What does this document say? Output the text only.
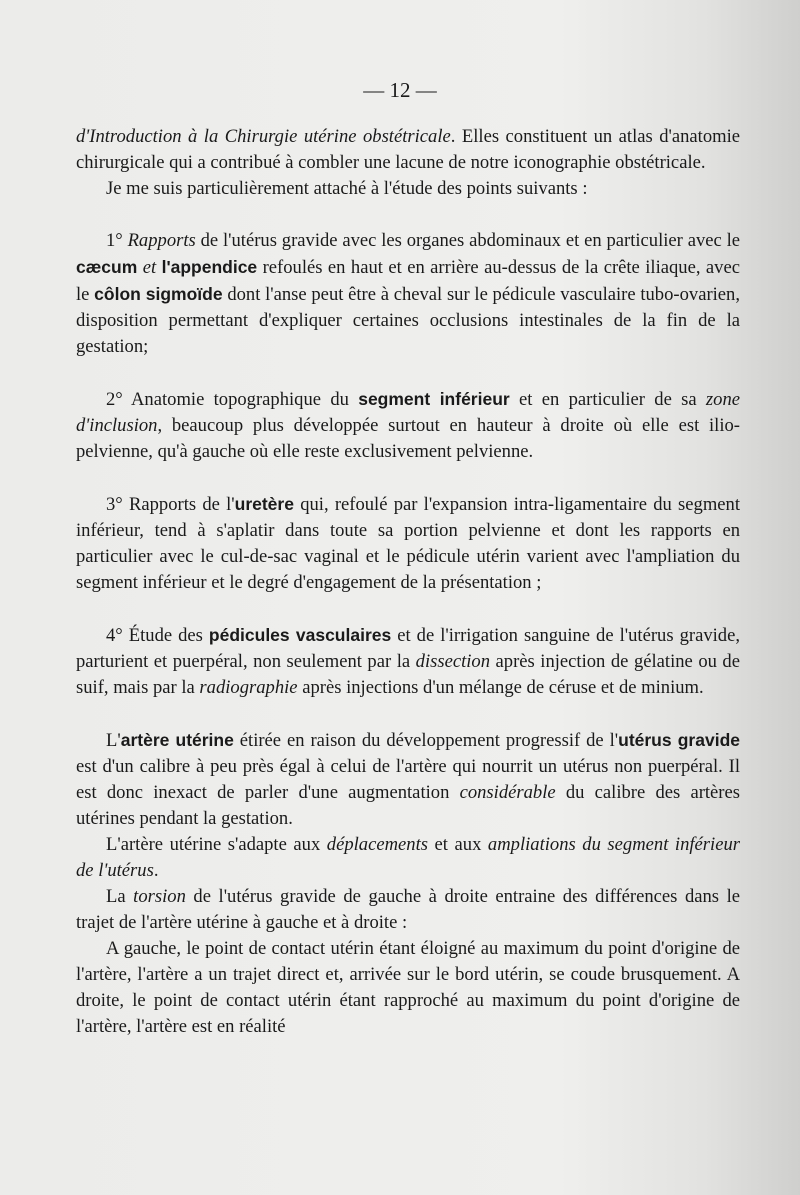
— 12 —

d'Introduction à la Chirurgie utérine obstétricale. Elles constituent un atlas d'anatomie chirurgicale qui a contribué à combler une lacune de notre iconographie obstétricale.

Je me suis particulièrement attaché à l'étude des points suivants :

1° Rapports de l'utérus gravide avec les organes abdominaux et en particulier avec le cæcum et l'appendice refoulés en haut et en arrière au-dessus de la crête iliaque, avec le côlon sigmoïde dont l'anse peut être à cheval sur le pédicule vasculaire tubo-ovarien, disposition permettant d'expliquer certaines occlusions intestinales de la fin de la gestation;

2° Anatomie topographique du segment inférieur et en particulier de sa zone d'inclusion, beaucoup plus développée surtout en hauteur à droite où elle est ilio-pelvienne, qu'à gauche où elle reste exclusivement pelvienne.

3° Rapports de l'uretère qui, refoulé par l'expansion intra-ligamentaire du segment inférieur, tend à s'aplatir dans toute sa portion pelvienne et dont les rapports en particulier avec le cul-de-sac vaginal et le pédicule utérin varient avec l'ampliation du segment inférieur et le degré d'engagement de la présentation ;

4° Étude des pédicules vasculaires et de l'irrigation sanguine de l'utérus gravide, parturient et puerpéral, non seulement par la dissection après injection de gélatine ou de suif, mais par la radiographie après injections d'un mélange de céruse et de minium.

L'artère utérine étirée en raison du développement progressif de l'utérus gravide est d'un calibre à peu près égal à celui de l'artère qui nourrit un utérus non puerpéral. Il est donc inexact de parler d'une augmentation considérable du calibre des artères utérines pendant la gestation.

L'artère utérine s'adapte aux déplacements et aux ampliations du segment inférieur de l'utérus.

La torsion de l'utérus gravide de gauche à droite entraine des différences dans le trajet de l'artère utérine à gauche et à droite :

A gauche, le point de contact utérin étant éloigné au maximum du point d'origine de l'artère, l'artère a un trajet direct et, arrivée sur le bord utérin, se coude brusquement. A droite, le point de contact utérin étant rapproché au maximum du point d'origine de l'artère, l'artère est en réalité
